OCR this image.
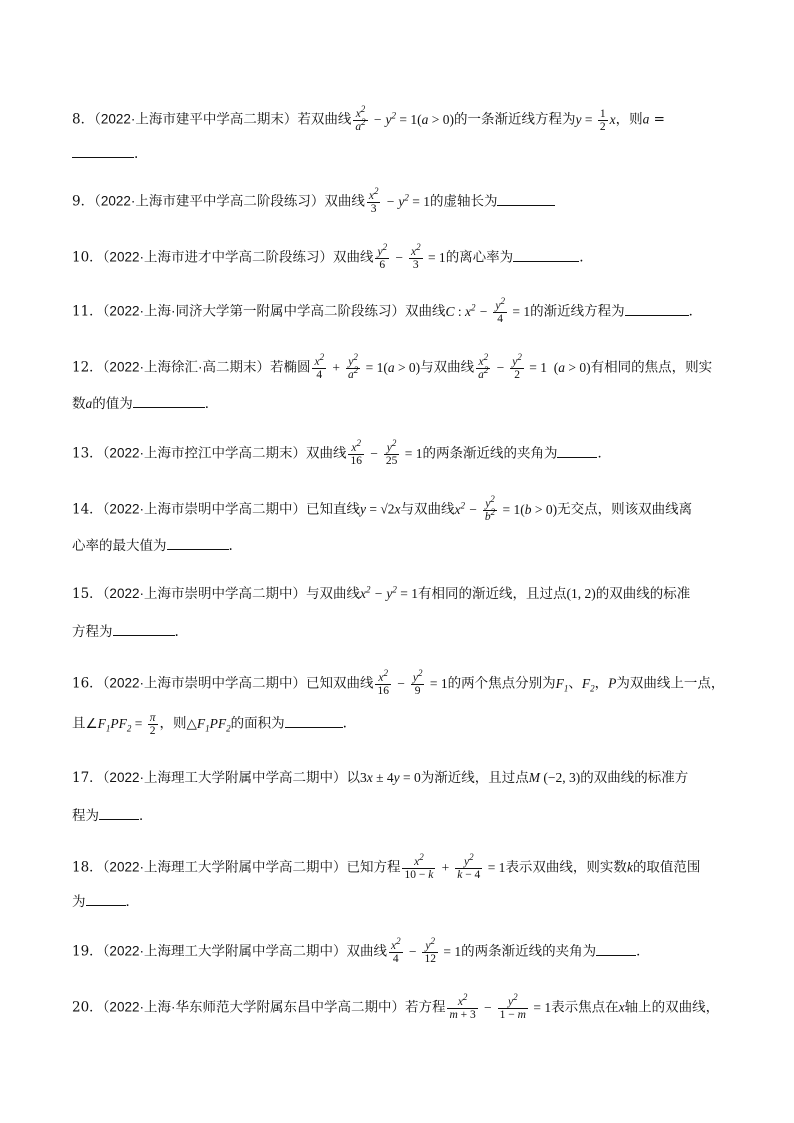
8．（2022·上海市建平中学高二期末）若双曲线 $\frac{x^2}{a^2} - y^2 = 1(a > 0)$的一条渐近线方程为$y = \frac{1}{2}$ x，则a =
.
9．（2022·上海市建平中学高二阶段练习）双曲线 $\frac{x^2}{3} - y^2 = 1$的虚轴长为
10．（2022·上海市进才中学高二阶段练习）双曲线 $\frac{y^2}{6} - \frac{x^2}{3} = 1$的离心率为	.
11．（2022·上海·同济大学第一附属中学高二阶段练习）双曲线C : $x^2 - \frac{y^2}{4} = 1$的渐近线方程为	．
12．（2022·上海徐汇·高二期末）若椭圆 $\frac{x^2}{4} + \frac{y^2}{a^2} = 1(a > 0)$与双曲线 $\frac{x^2}{a^2} - \frac{y^2}{2} = 1$ (a > 0)有相同的焦点，则实
数a的值为	．
13．（2022·上海市控江中学高二期末）双曲线 $\frac{x^2}{16} - \frac{y^2}{25} = 1$的两条渐近线的夹角为	．
14．（2022·上海市崇明中学高二期中）已知直线y = √2x与双曲线$x^2 - \frac{y^2}{b^2} = 1(b > 0)$无交点，则该双曲线离
心率的最大值为	.
15．（2022·上海市崇明中学高二期中）与双曲线$x^2 - y^2 = 1$有相同的渐近线，且过点(1, 2)的双曲线的标准
方程为	.
16．（2022·上海市崇明中学高二期中）已知双曲线 $\frac{x^2}{16} - \frac{y^2}{9} = 1$的两个焦点分别为$F_1$、$F_2$，P为双曲线上一点，
且$\angle F_1PF_2 = \frac{\pi}{2}$ ，则$\triangle F_1PF_2$的面积为	.
17．（2022·上海理工大学附属中学高二期中）以3x ± 4y = 0为渐近线，且过点M (−2, 3)的双曲线的标准方
程为	．
18．（2022·上海理工大学附属中学高二期中）已知方程 $\frac{x^2}{10 - k} + \frac{y^2}{k - 4} = 1$表示双曲线，则实数k的取值范围
为	．
19．（2022·上海理工大学附属中学高二期中）双曲线 $\frac{x^2}{4} - \frac{y^2}{12} = 1$的两条渐近线的夹角为	．
20．（2022·上海·华东师范大学附属东昌中学高二期中）若方程 $\frac{x^2}{m + 3} - \frac{y^2}{1 - m} = 1$表示焦点在x轴上的双曲线，
